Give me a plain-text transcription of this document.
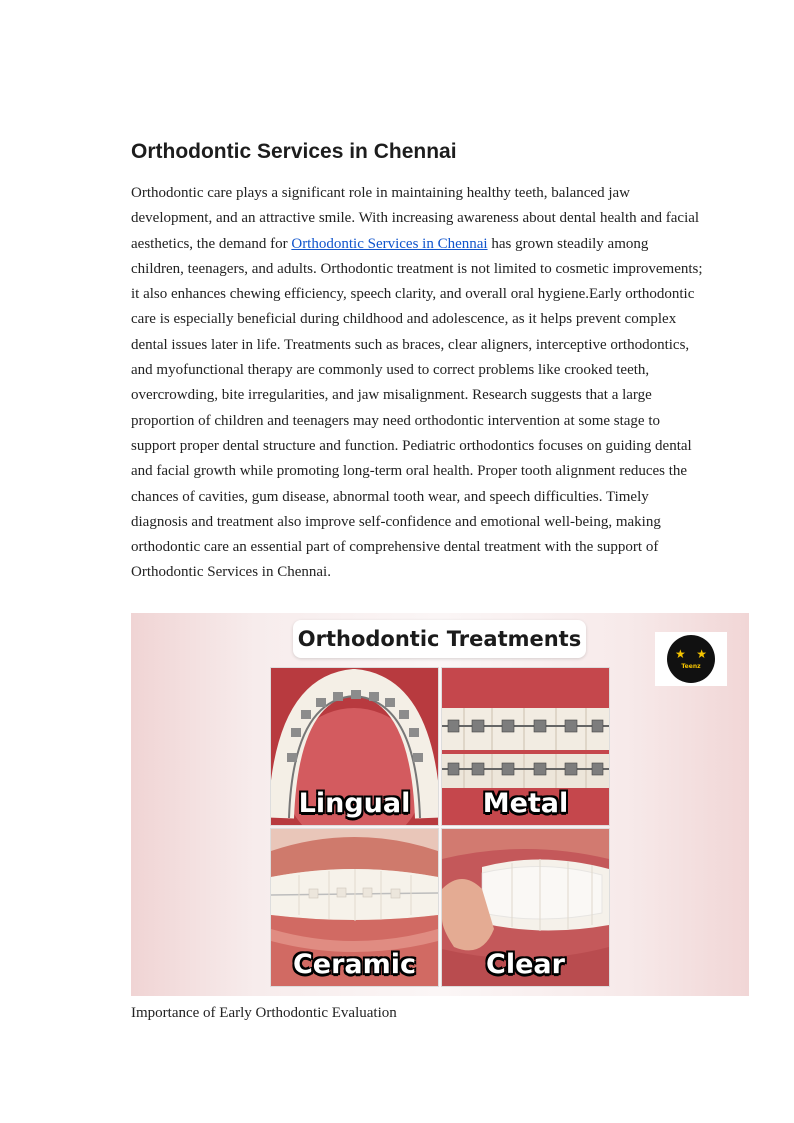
Orthodontic Services in Chennai

Orthodontic care plays a significant role in maintaining healthy teeth, balanced jaw development, and an attractive smile. With increasing awareness about dental health and facial aesthetics, the demand for Orthodontic Services in Chennai has grown steadily among children, teenagers, and adults. Orthodontic treatment is not limited to cosmetic improvements; it also enhances chewing efficiency, speech clarity, and overall oral hygiene.Early orthodontic care is especially beneficial during childhood and adolescence, as it helps prevent complex dental issues later in life. Treatments such as braces, clear aligners, interceptive orthodontics, and myofunctional therapy are commonly used to correct problems like crooked teeth, overcrowding, bite irregularities, and jaw misalignment. Research suggests that a large proportion of children and teenagers may need orthodontic intervention at some stage to support proper dental structure and function. Pediatric orthodontics focuses on guiding dental and facial growth while promoting long-term oral health. Proper tooth alignment reduces the chances of cavities, gum disease, abnormal tooth wear, and speech difficulties. Timely diagnosis and treatment also improve self-confidence and emotional well-being, making orthodontic care an essential part of comprehensive dental treatment with the support of Orthodontic Services in Chennai.

Orthodontic Treatments
★ ★
Teenz
Lingual	Metal
Ceramic	Clear

Importance of Early Orthodontic Evaluation
